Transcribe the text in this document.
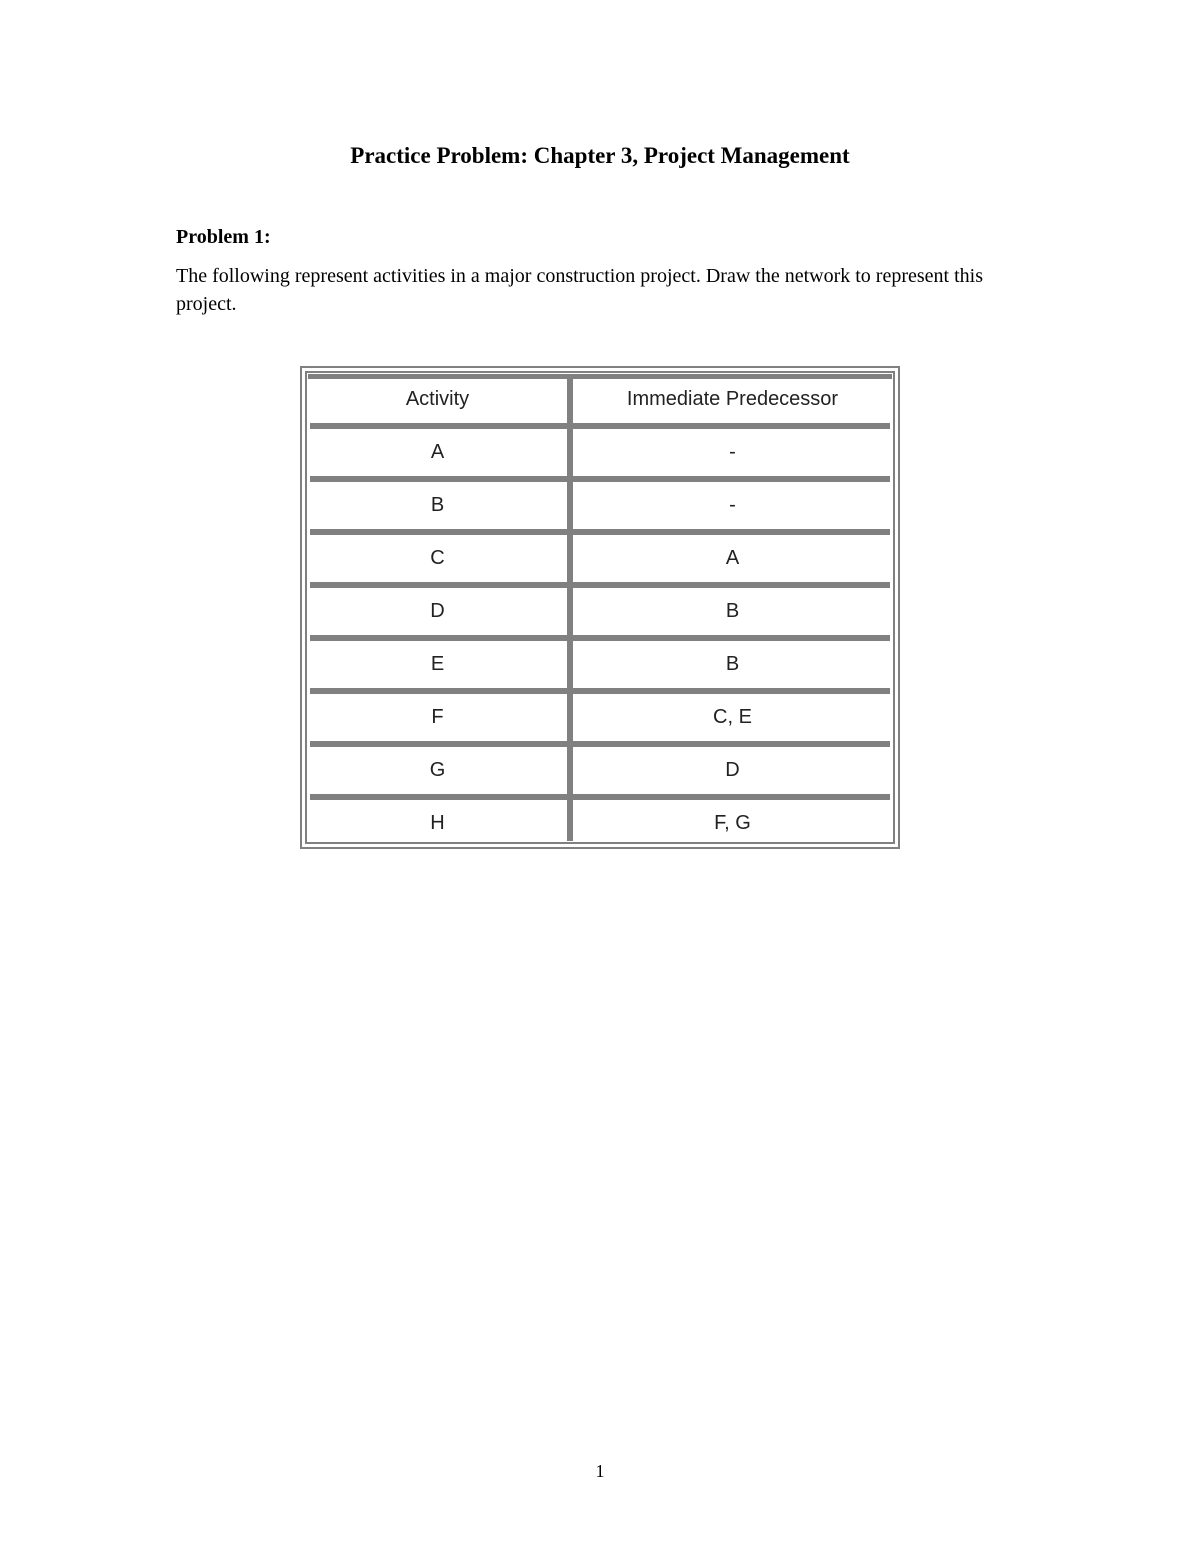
Practice Problem: Chapter 3, Project Management
Problem 1:
The following represent activities in a major construction project. Draw the network to represent this project.
Activity	Immediate Predecessor
A	-
B	-
C	A
D	B
E	B
F	C, E
G	D
H	F, G
1
